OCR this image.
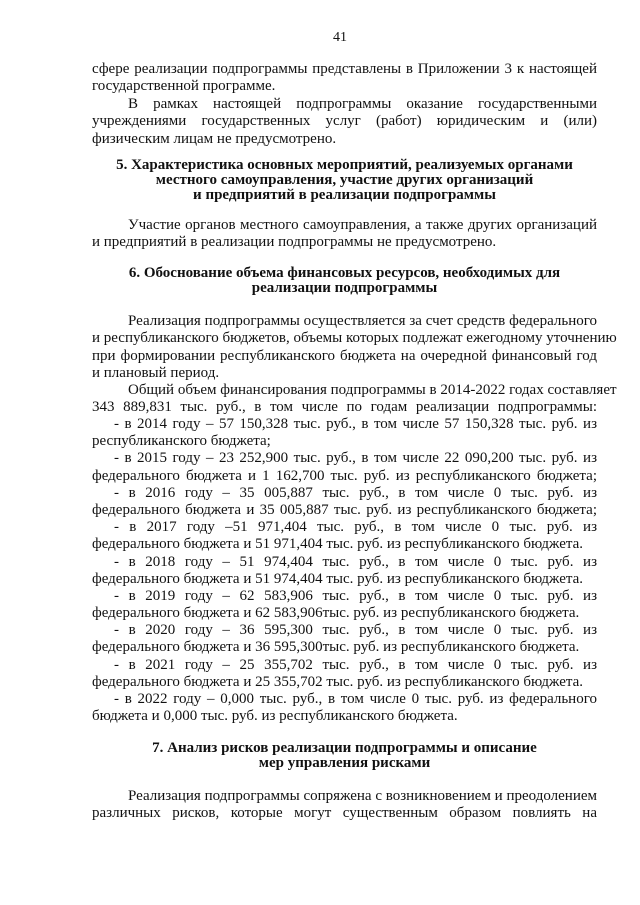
41
сфере реализации подпрограммы представлены в Приложении 3 к настоящей
государственной программе.
В рамках настоящей подпрограммы оказание государственными
учреждениями государственных услуг (работ) юридическим и (или)
физическим лицам не предусмотрено.
5. Характеристика основных мероприятий, реализуемых органами
местного самоуправления, участие других организаций
и предприятий в реализации подпрограммы
Участие органов местного самоуправления, а также других организаций
и предприятий в реализации подпрограммы не предусмотрено.
6. Обоснование объема финансовых ресурсов, необходимых для
реализации подпрограммы
Реализация подпрограммы осуществляется за счет средств федерального
и республиканского бюджетов, объемы которых подлежат ежегодному уточнению
при формировании республиканского бюджета на очередной финансовый год
и плановый период.
Общий объем финансирования подпрограммы в 2014-2022 годах составляет
343 889,831 тыс. руб., в том числе по годам реализации подпрограммы:
- в 2014 году – 57 150,328 тыс. руб., в том числе 57 150,328 тыс. руб. из
республиканского бюджета;
- в 2015 году – 23 252,900 тыс. руб., в том числе 22 090,200 тыс. руб. из
федерального бюджета и 1 162,700 тыс. руб. из республиканского бюджета;
- в 2016 году – 35 005,887 тыс. руб., в том числе 0 тыс. руб. из
федерального бюджета и 35 005,887 тыс. руб. из республиканского бюджета;
- в 2017 году –51 971,404 тыс. руб., в том числе 0 тыс. руб. из
федерального бюджета и 51 971,404 тыс. руб. из республиканского бюджета.
- в 2018 году – 51 974,404 тыс. руб., в том числе 0 тыс. руб. из
федерального бюджета и 51 974,404 тыс. руб. из республиканского бюджета.
- в 2019 году – 62 583,906 тыс. руб., в том числе 0 тыс. руб. из
федерального бюджета и 62 583,906тыс. руб. из республиканского бюджета.
- в 2020 году – 36 595,300 тыс. руб., в том числе 0 тыс. руб. из
федерального бюджета и 36 595,300тыс. руб. из республиканского бюджета.
- в 2021 году – 25 355,702 тыс. руб., в том числе 0 тыс. руб. из
федерального бюджета и 25 355,702 тыс. руб. из республиканского бюджета.
- в 2022 году – 0,000 тыс. руб., в том числе 0 тыс. руб. из федерального
бюджета и 0,000 тыс. руб. из республиканского бюджета.
7. Анализ рисков реализации подпрограммы и описание
мер управления рисками
Реализация подпрограммы сопряжена с возникновением и преодолением
различных рисков, которые могут существенным образом повлиять на
